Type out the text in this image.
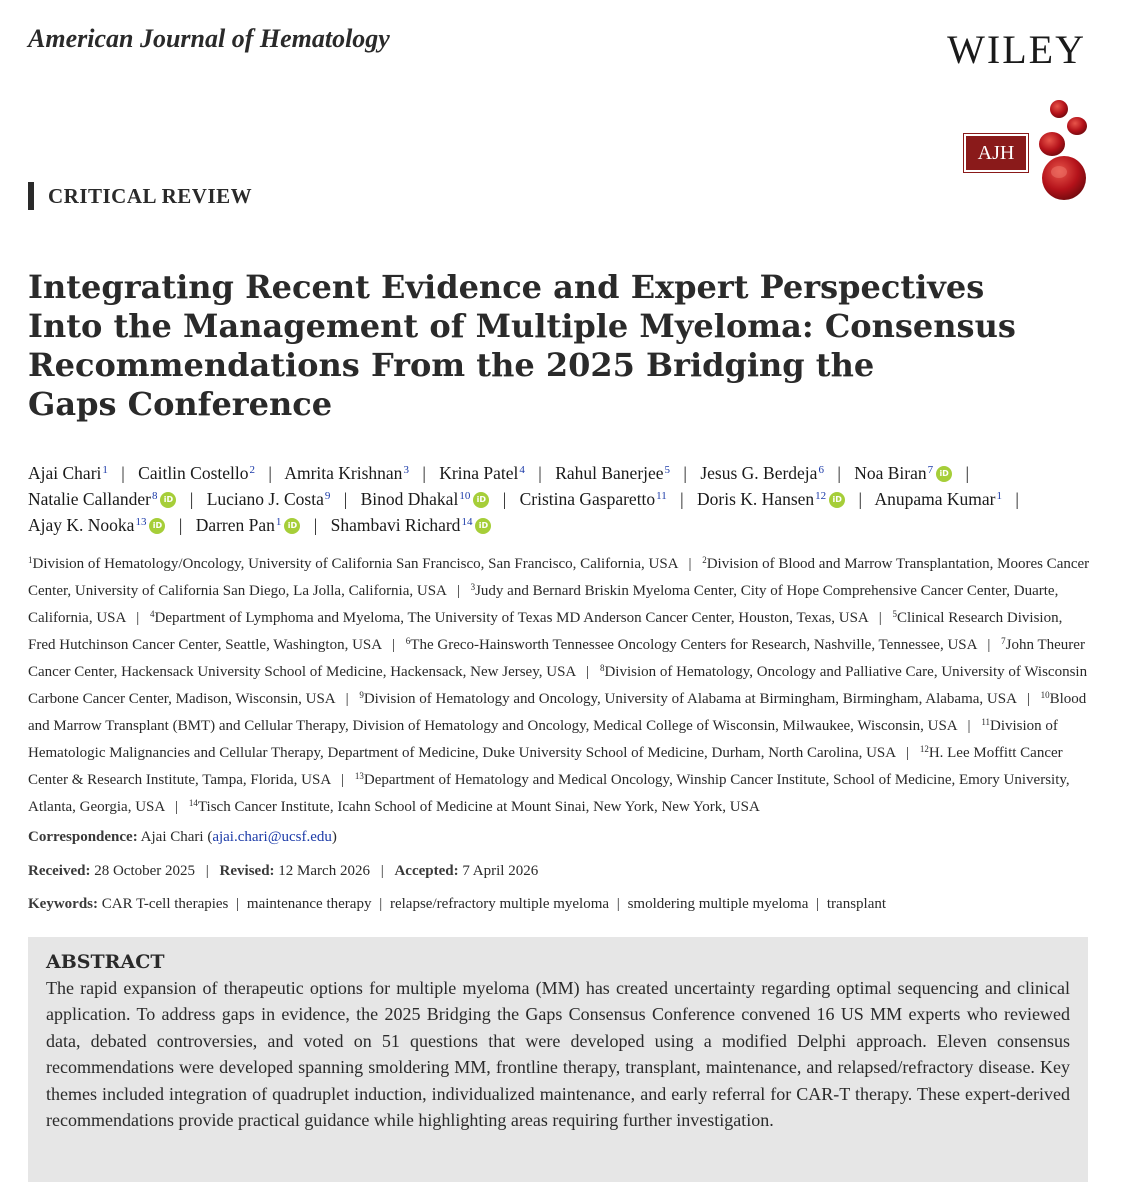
American Journal of Hematology	WILEY
AJH
CRITICAL REVIEW
Integrating Recent Evidence and Expert Perspectives
Into the Management of Multiple Myeloma: Consensus
Recommendations From the 2025 Bridging the
Gaps Conference
Ajai Chari$^1$ | Caitlin Costello$^2$ | Amrita Krishnan$^3$ | Krina Patel$^4$ | Rahul Banerjee$^5$ | Jesus G. Berdeja$^6$ | Noa Biran$^7$ iD | Natalie Callander$^8$ iD | Luciano J. Costa$^9$ | Binod Dhakal$^{10}$ iD | Cristina Gasparetto$^{11}$ | Doris K. Hansen$^{12}$ iD | Anupama Kumar$^1$ | Ajay K. Nooka$^{13}$ iD | Darren Pan$^1$ iD | Shambavi Richard$^{14}$ iD
$^1$Division of Hematology/Oncology, University of California San Francisco, San Francisco, California, USA | $^2$Division of Blood and Marrow Transplantation, Moores Cancer Center, University of California San Diego, La Jolla, California, USA | $^3$Judy and Bernard Briskin Myeloma Center, City of Hope Comprehensive Cancer Center, Duarte, California, USA | $^4$Department of Lymphoma and Myeloma, The University of Texas MD Anderson Cancer Center, Houston, Texas, USA | $^5$Clinical Research Division, Fred Hutchinson Cancer Center, Seattle, Washington, USA | $^6$The Greco-Hainsworth Tennessee Oncology Centers for Research, Nashville, Tennessee, USA | $^7$John Theurer Cancer Center, Hackensack University School of Medicine, Hackensack, New Jersey, USA | $^8$Division of Hematology, Oncology and Palliative Care, University of Wisconsin Carbone Cancer Center, Madison, Wisconsin, USA | $^9$Division of Hematology and Oncology, University of Alabama at Birmingham, Birmingham, Alabama, USA | $^{10}$Blood and Marrow Transplant (BMT) and Cellular Therapy, Division of Hematology and Oncology, Medical College of Wisconsin, Milwaukee, Wisconsin, USA | $^{11}$Division of Hematologic Malignancies and Cellular Therapy, Department of Medicine, Duke University School of Medicine, Durham, North Carolina, USA | $^{12}$H. Lee Moffitt Cancer Center & Research Institute, Tampa, Florida, USA | $^{13}$Department of Hematology and Medical Oncology, Winship Cancer Institute, School of Medicine, Emory University, Atlanta, Georgia, USA | $^{14}$Tisch Cancer Institute, Icahn School of Medicine at Mount Sinai, New York, New York, USA
Correspondence: Ajai Chari (ajai.chari@ucsf.edu)
Received: 28 October 2025 | Revised: 12 March 2026 | Accepted: 7 April 2026
Keywords: CAR T-cell therapies | maintenance therapy | relapse/refractory multiple myeloma | smoldering multiple myeloma | transplant
ABSTRACT

The rapid expansion of therapeutic options for multiple myeloma (MM) has created uncertainty regarding optimal sequencing and clinical application. To address gaps in evidence, the 2025 Bridging the Gaps Consensus Conference convened 16 US MM experts who reviewed data, debated controversies, and voted on 51 questions that were developed using a modified Delphi approach. Eleven consensus recommendations were developed spanning smoldering MM, frontline therapy, transplant, maintenance, and relapsed/refractory disease. Key themes included integration of quadruplet induction, individualized maintenance, and early referral for CAR-T therapy. These expert-derived recommendations provide practical guidance while highlighting areas requiring further investigation.
